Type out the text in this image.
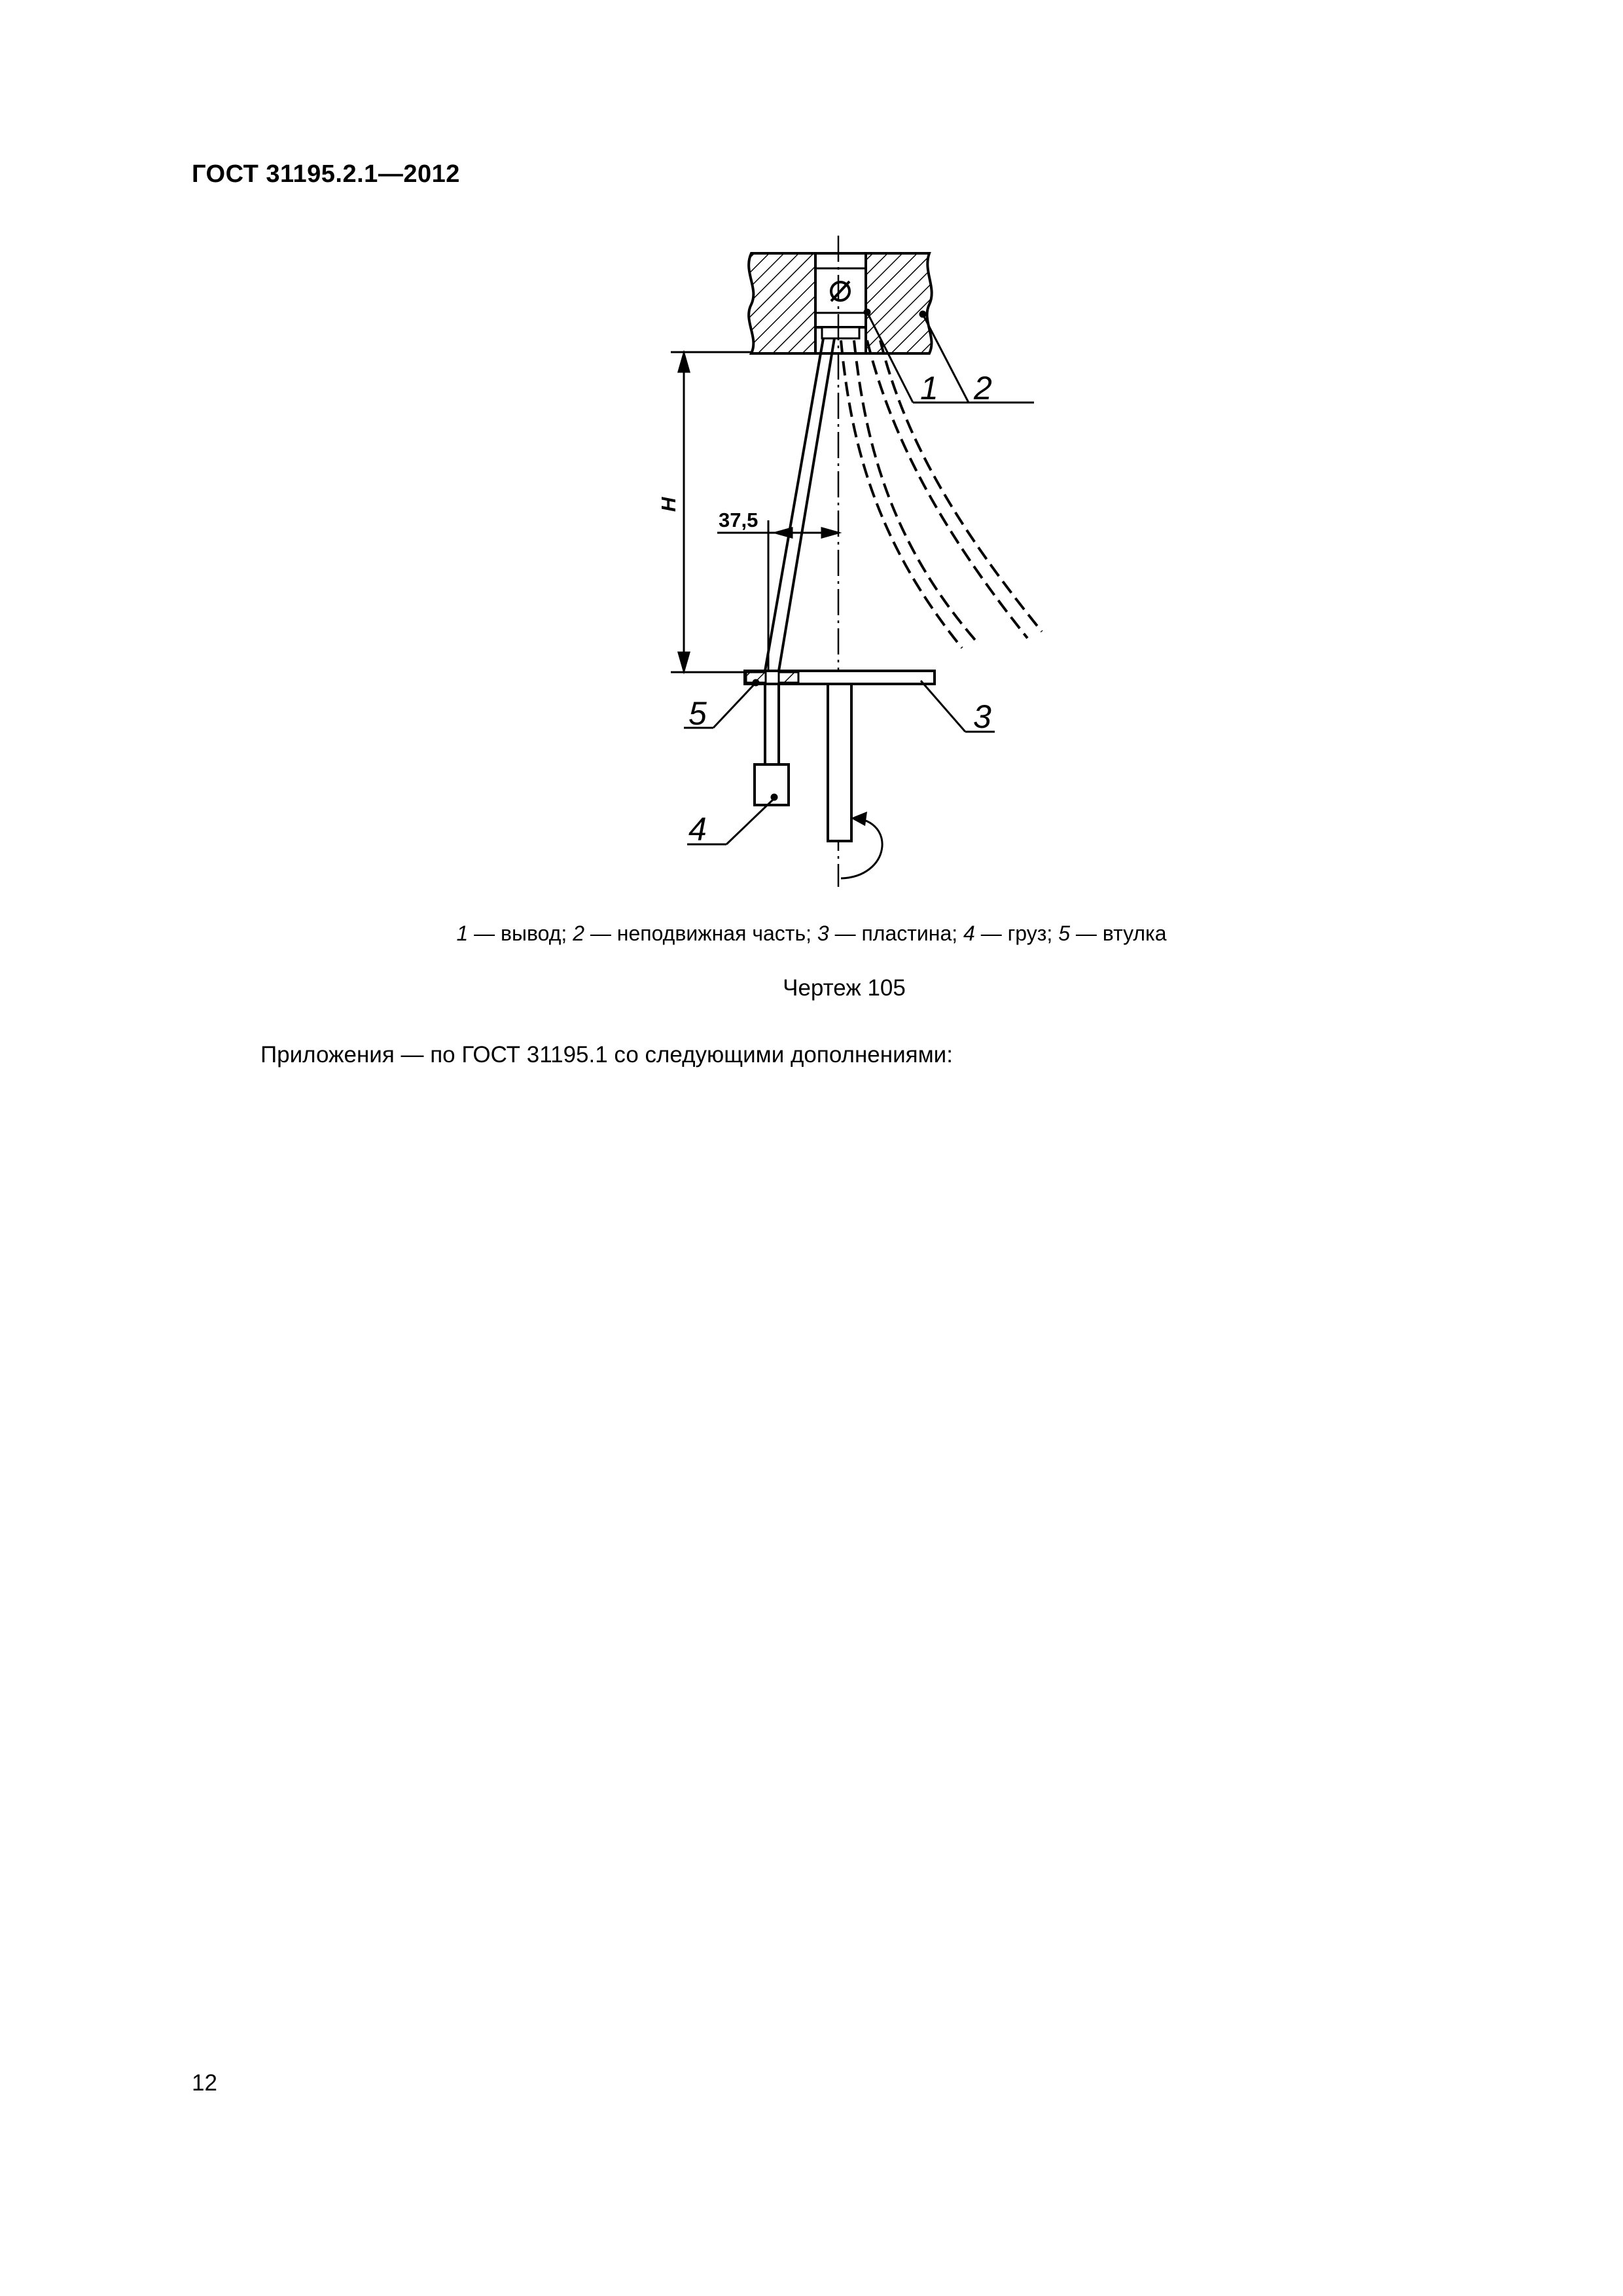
ГОСТ 31195.2.1—2012
H
37,5
1 2
3
4
5
1 — вывод; 2 — неподвижная часть; 3 — пластина; 4 — груз; 5 — втулка
Чертеж 105
Приложения — по ГОСТ 31195.1 со следующими дополнениями:
12
